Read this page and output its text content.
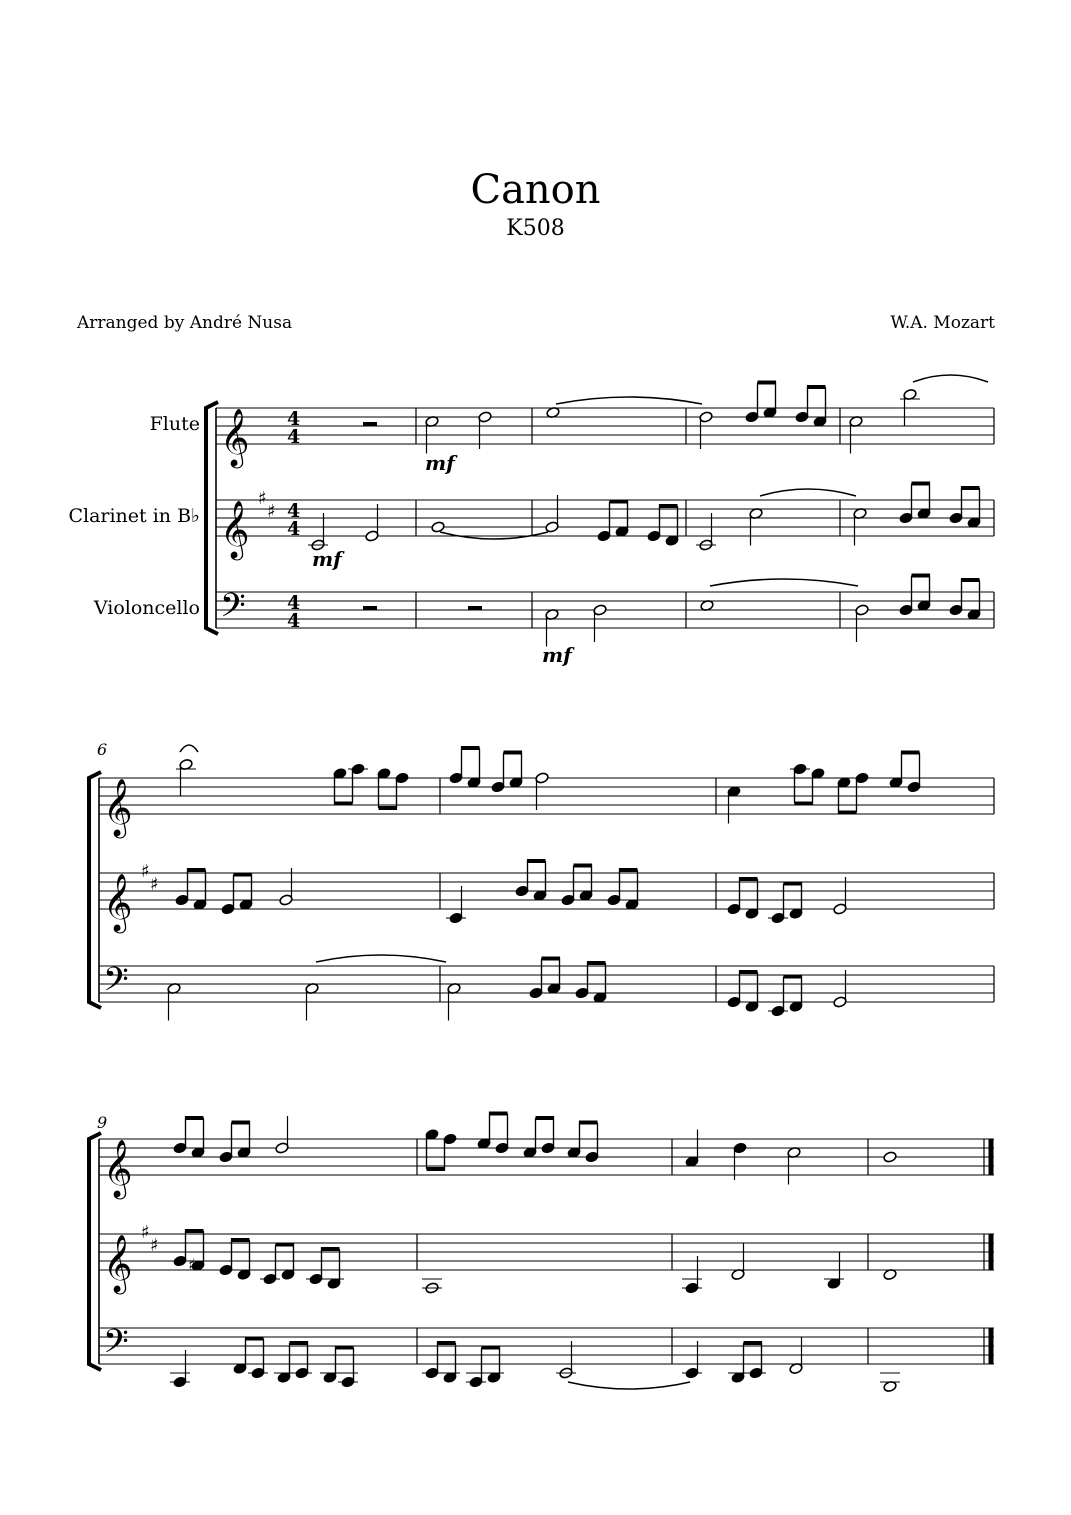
Canon
K508
Arranged by André Nusa	W.A. Mozart
Flute
Clarinet in B♭
Violoncello
6
9
𝄞
𝄞
𝄢
♯
♯
𝄞
𝄞
𝄢
♯
♯
𝄞
𝄞
𝄢
♯
♯
4
4
4
4
4
4
mf
mf
mf
♯
